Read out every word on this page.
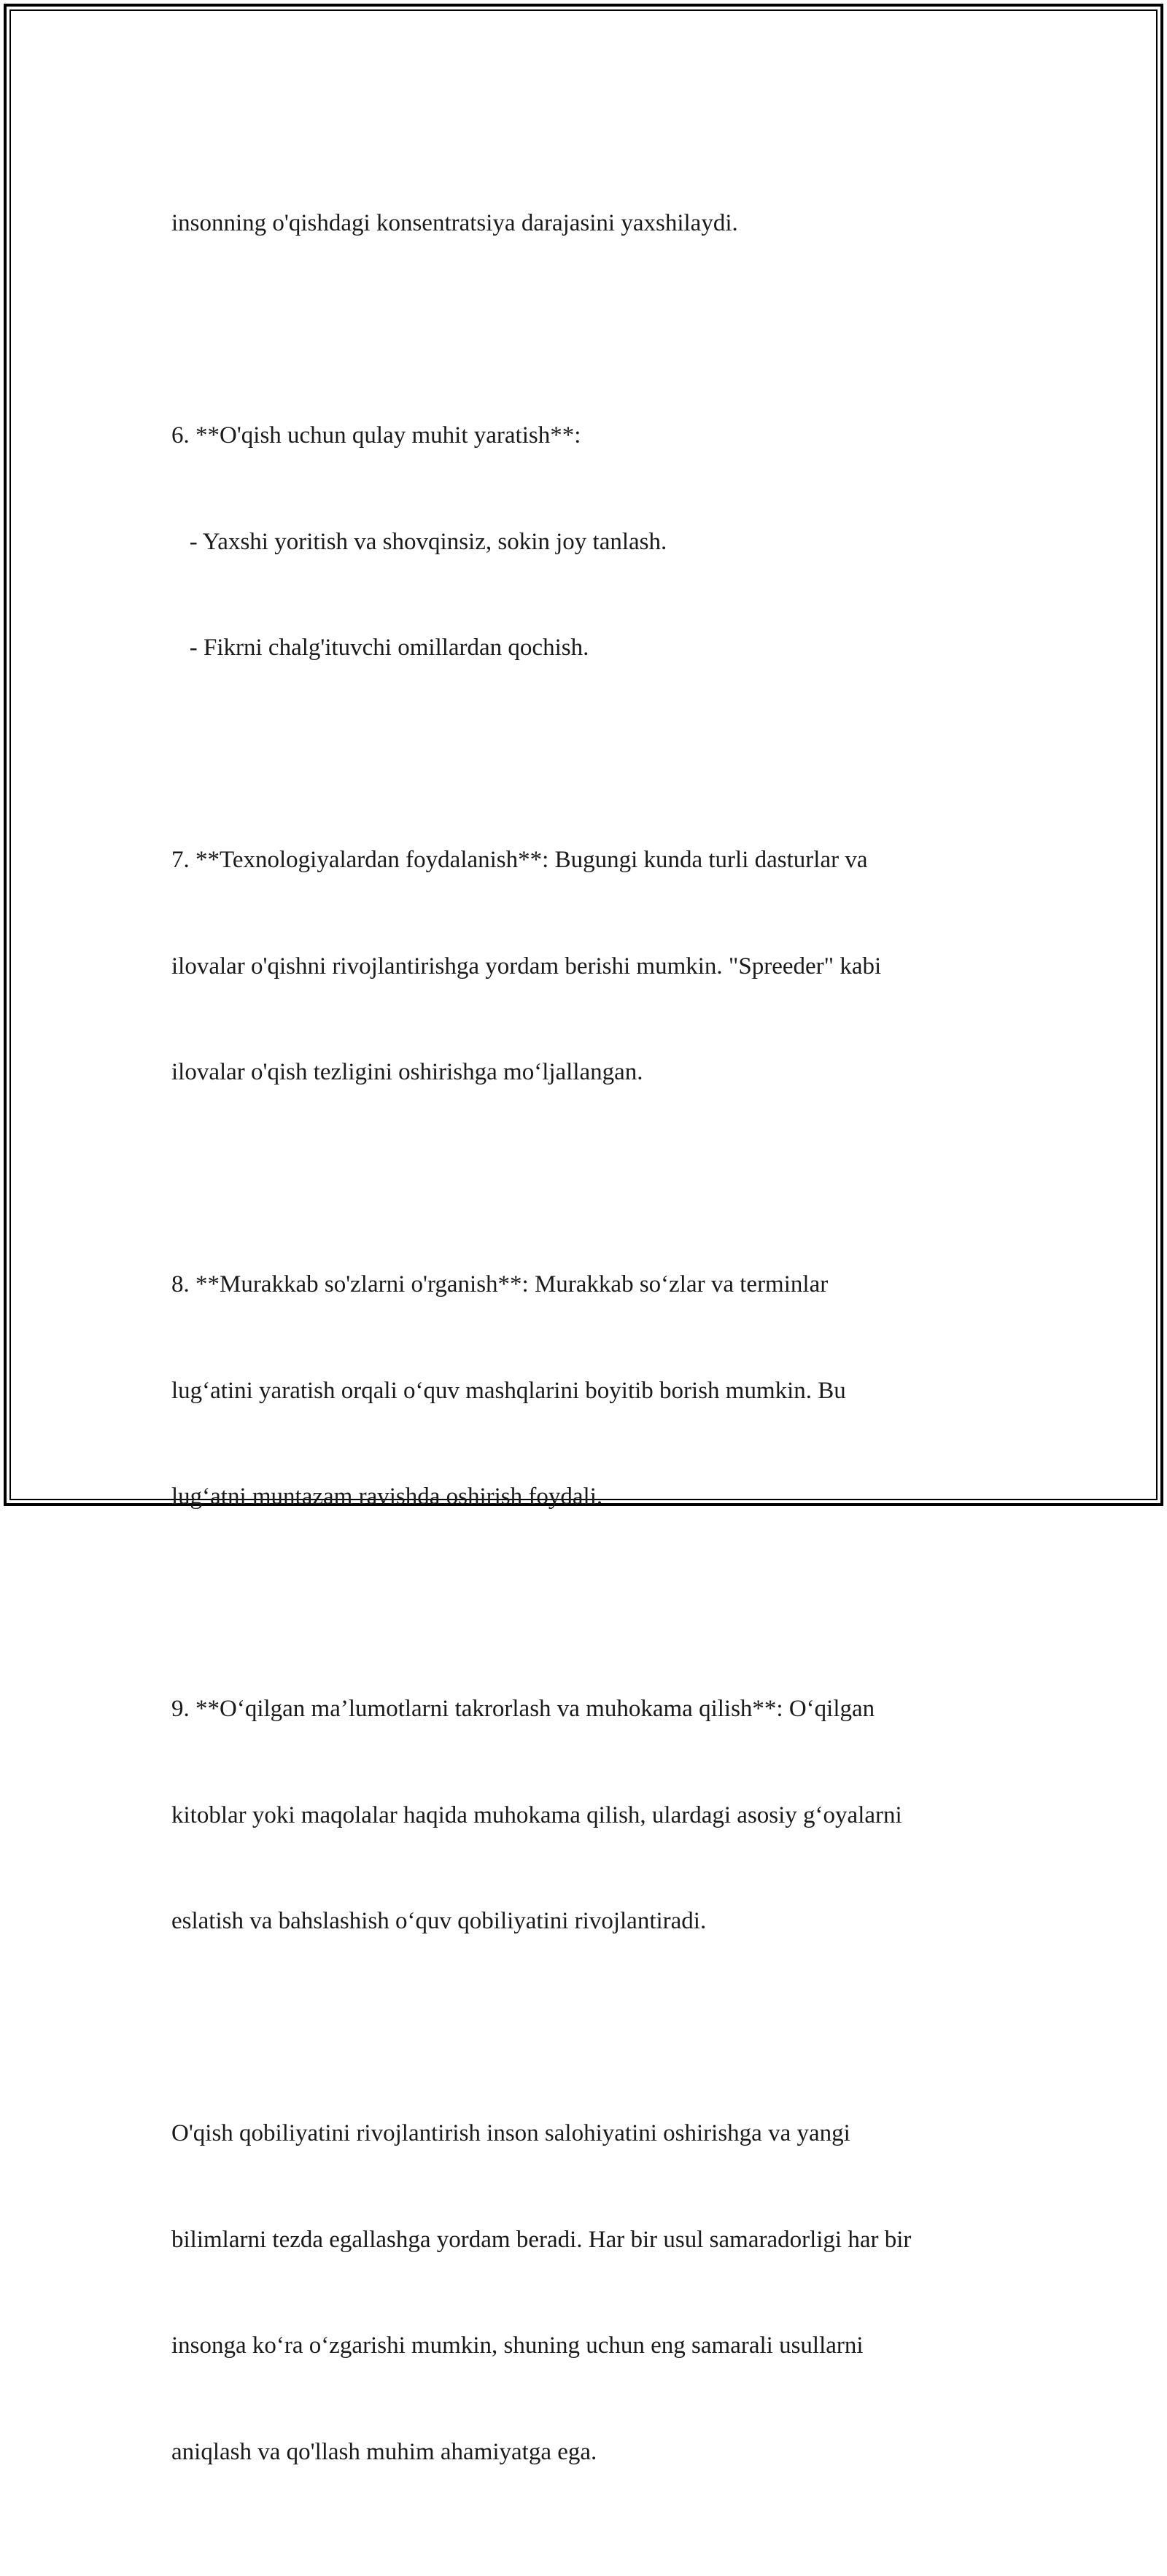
insonning o'qishdagi konsentratsiya darajasini yaxshilaydi.

6. **O'qish uchun qulay muhit yaratish**:

- Yaxshi yoritish va shovqinsiz, sokin joy tanlash.

- Fikrni chalg'ituvchi omillardan qochish.

7. **Texnologiyalardan foydalanish**: Bugungi kunda turli dasturlar va

ilovalar o'qishni rivojlantirishga yordam berishi mumkin. "Spreeder" kabi

ilovalar o'qish tezligini oshirishga mo‘ljallangan.

8. **Murakkab so'zlarni o'rganish**: Murakkab so‘zlar va terminlar

lug‘atini yaratish orqali o‘quv mashqlarini boyitib borish mumkin. Bu

lug‘atni muntazam ravishda oshirish foydali.

9. **O‘qilgan ma’lumotlarni takrorlash va muhokama qilish**: O‘qilgan

kitoblar yoki maqolalar haqida muhokama qilish, ulardagi asosiy g‘oyalarni

eslatish va bahslashish o‘quv qobiliyatini rivojlantiradi.

O'qish qobiliyatini rivojlantirish inson salohiyatini oshirishga va yangi

bilimlarni tezda egallashga yordam beradi. Har bir usul samaradorligi har bir

insonga ko‘ra o‘zgarishi mumkin, shuning uchun eng samarali usullarni

aniqlash va qo'llash muhim ahamiyatga ega.
